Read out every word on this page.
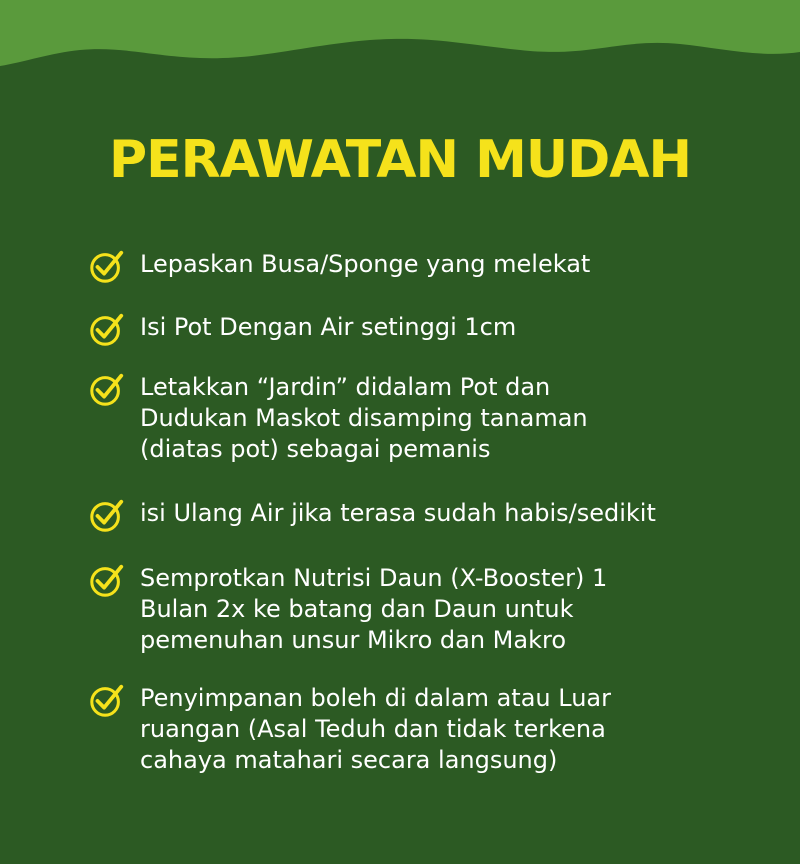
PERAWATAN MUDAH
Lepaskan Busa/Sponge yang melekat
Isi Pot Dengan Air setinggi 1cm
Letakkan “Jardin” didalam Pot dan
Dudukan Maskot disamping tanaman
(diatas pot) sebagai pemanis
isi Ulang Air jika terasa sudah habis/sedikit
Semprotkan Nutrisi Daun (X-Booster) 1
Bulan 2x ke batang dan Daun untuk
pemenuhan unsur Mikro dan Makro
Penyimpanan boleh di dalam atau Luar
ruangan (Asal Teduh dan tidak terkena
cahaya matahari secara langsung)
